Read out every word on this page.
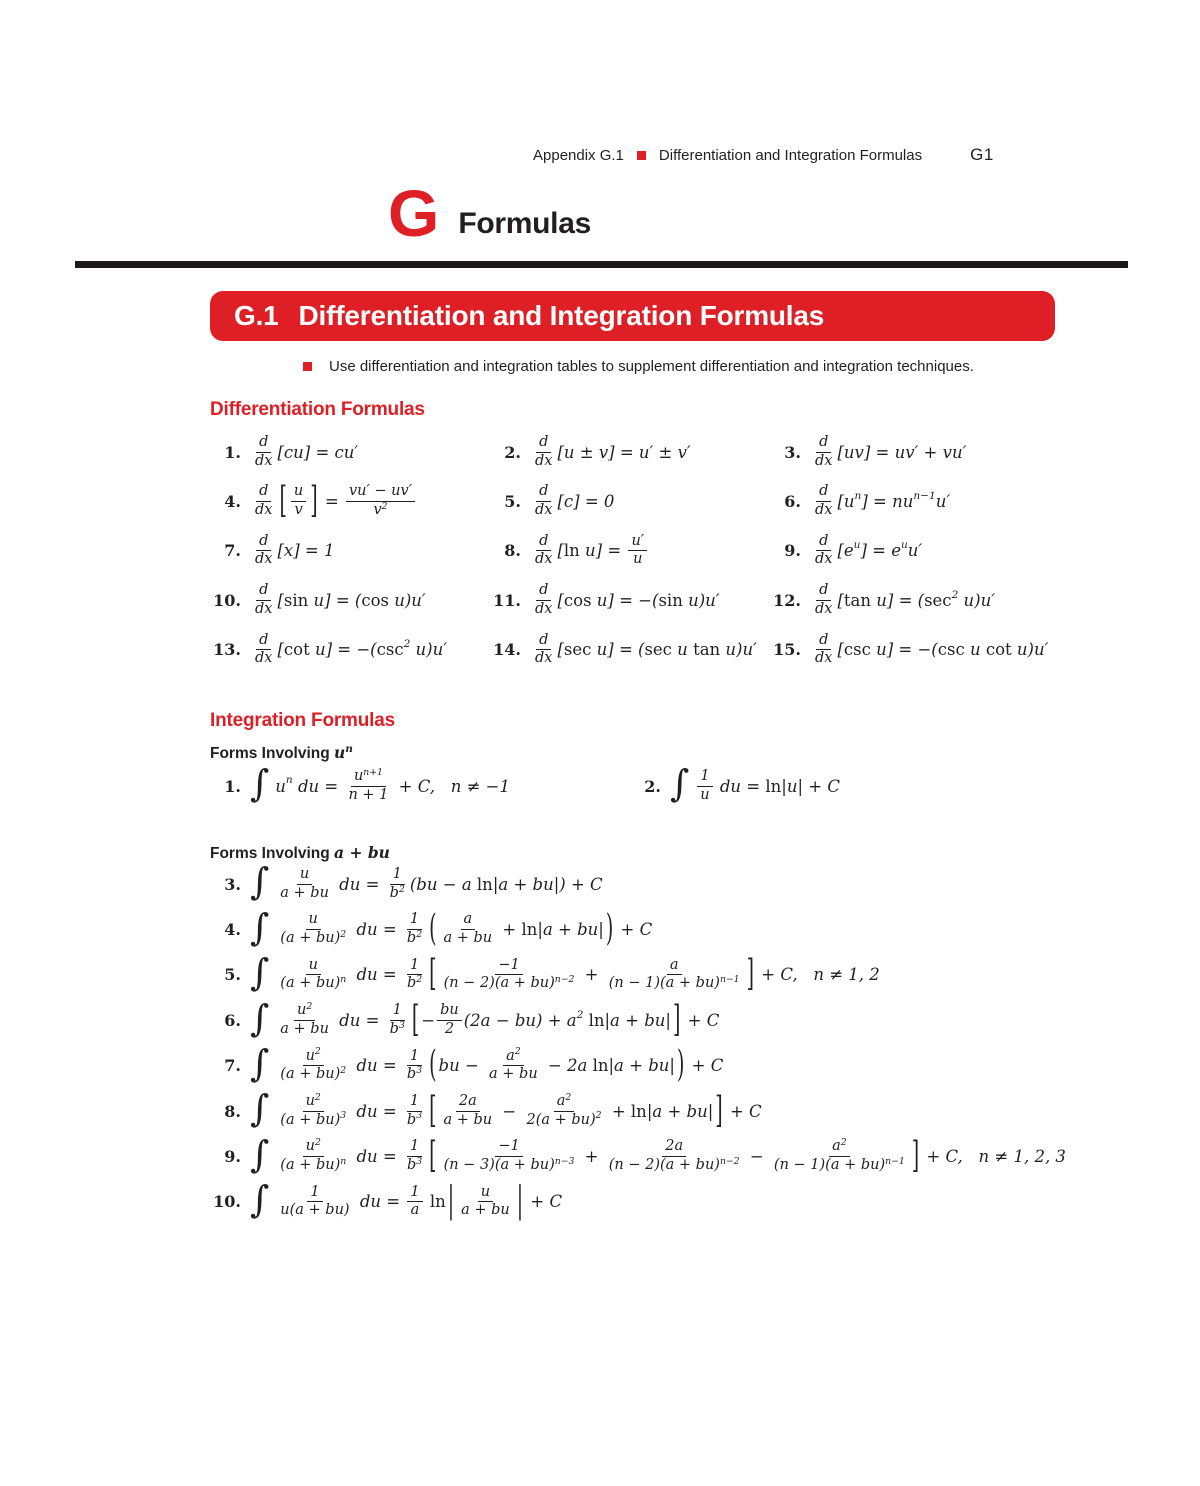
Appendix G.1 Differentiation and Integration Formulas	G1
G Formulas
G.1 Differentiation and Integration Formulas
Use differentiation and integration tables to supplement differentiation and integration techniques.
Differentiation Formulas
1.
d
dx [cu] = cu′	2.
d
dx [u ± v] = u′ ± v′	3.
d
dx [uv] = uv′ + vu′
4.
d
dx [ u
v ] = $\frac{vu' - uv'}{v^2}$	5.
d
dx [c] = 0	6.
d
dx [u n ] = nu n−1 u′
7.
d
dx [x] = 1	8.
d
dx [ $\ln u] = \frac{u'}{u}$	9.
d
dx [e u ] = e u u′
10.
d
dx [ sin u] = ( cos u)u′	11.
d
dx [ cos u] = −( sin u)u′	12.
d
dx [ tan u] = ( sec 2 u)u′
13.
d
dx [ cot u] = −( csc 2 u)u′	14.
d
dx [ sec u] = ( sec u tan u)u′ 15.
d
dx [ csc u] = −( csc u cot u)u′
Integration Formulas
Forms Involving $u^n$
1. ∫ u n du = $\frac{u^{n+1}}{n + 1} + C$,   n ≠ −1	2. ∫ 1
u du = ln |u| + C
Forms Involving a + bu
3. ∫ u
a + bu du = $\frac{1}{b^2} (bu - a$ ln |a + bu|) + C
4. ∫	u
(a + bu)$^2$ du = $\frac{1}{b^2}$ ( a
a + bu + ln |a + bu| ) + C
5. ∫	u
(a + bu)$^n$ du = $\frac{1}{b^2}$ [	−1
$(n - 2)(a + bu)^{n-2} + \frac{a}{(n - 1)(a + bu)^{n-1}}$ ] + C,   n ≠ 1, 2
6. ∫ $u^2$
a + bu du = $\frac{1}{b^3}$ [ − $\frac{bu}{2} (2a - bu) + a$ 2
ln |a + bu| ] + C
7. ∫	$u^2$
(a + bu)$^2$ du = $\frac{1}{b^3}$ ( bu − $\frac{a^2}{a + bu} - 2a$ ln |a + bu| ) + C
8. ∫	$u^2$
(a + bu)$^3$ du = $\frac{1}{b^3}$ [ 2a
a + bu − $\frac{a^2}{2(a + bu)^2} + \ln |a + bu|$ ] + C
9. ∫	$u^2$
(a + bu)$^n$ du = $\frac{1}{b^3}$ [	−1
$(n - 3)(a + bu)^{n-3} + \frac{2a}{(n - 2)(a + bu)^{n-2}} - \frac{a^2}{(n - 1)(a + bu)^{n-1}}$ ] + C,   n ≠ 1, 2, 3
10. ∫	1
u(a + bu) du = $\frac{1}{a}$
ln | u
a + bu | + C
